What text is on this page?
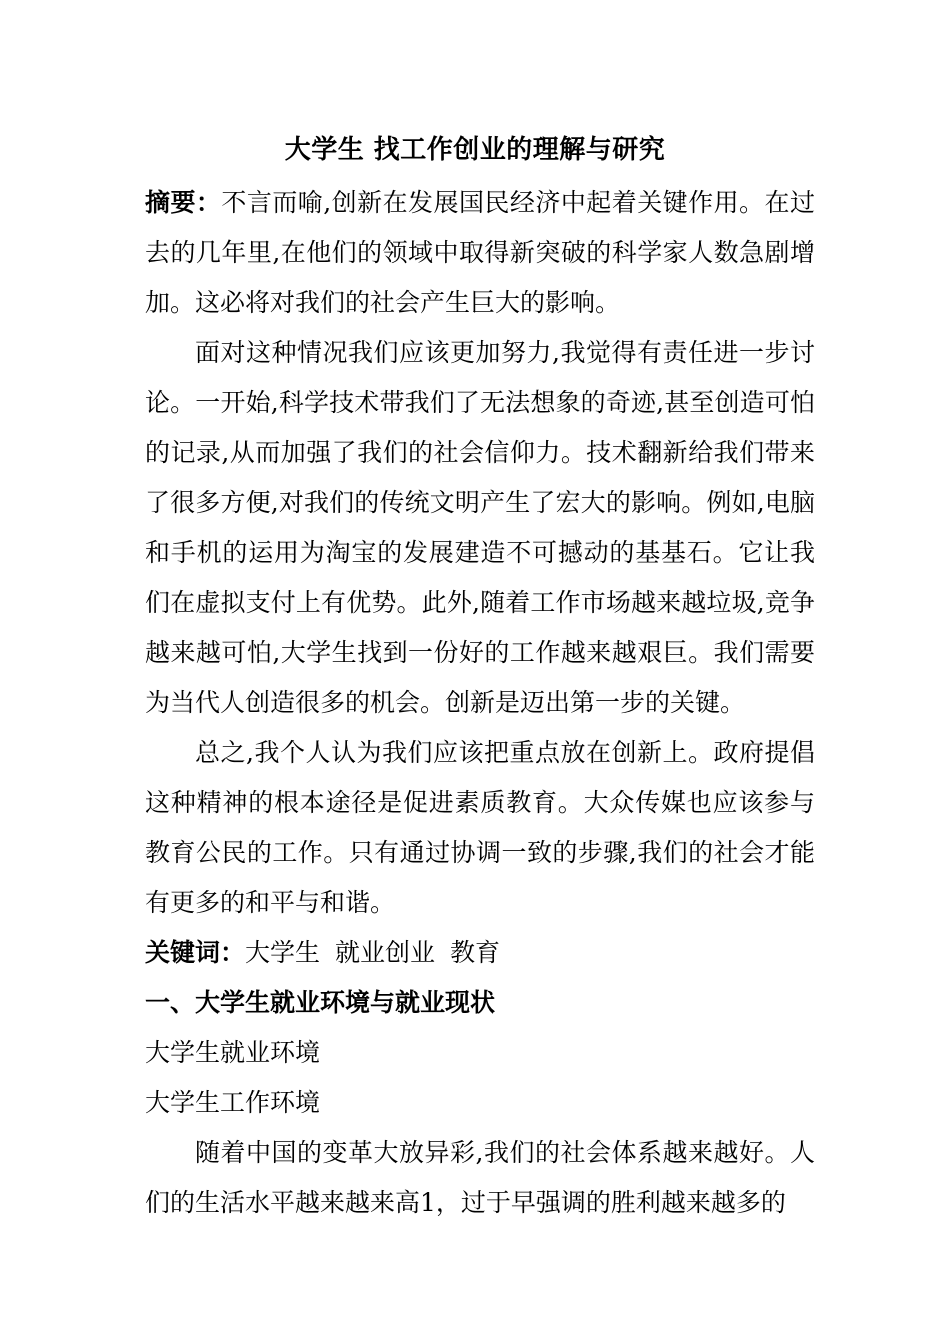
大学生 找工作创业的理解与研究

摘要：不言而喻,创新在发展国民经济中起着关键作用。在过去的几年里,在他们的领域中取得新突破的科学家人数急剧增加。这必将对我们的社会产生巨大的影响。

面对这种情况我们应该更加努力,我觉得有责任进一步讨论。一开始,科学技术带我们了无法想象的奇迹,甚至创造可怕的记录,从而加强了我们的社会信仰力。技术翻新给我们带来了很多方便,对我们的传统文明产生了宏大的影响。例如,电脑和手机的运用为淘宝的发展建造不可撼动的基基石。它让我们在虚拟支付上有优势。此外,随着工作市场越来越垃圾,竞争越来越可怕,大学生找到一份好的工作越来越艰巨。我们需要为当代人创造很多的机会。创新是迈出第一步的关键。

总之,我个人认为我们应该把重点放在创新上。政府提倡这种精神的根本途径是促进素质教育。大众传媒也应该参与教育公民的工作。只有通过协调一致的步骤,我们的社会才能有更多的和平与和谐。

关键词：大学生 就业创业 教育

一、大学生就业环境与就业现状

大学生就业环境

大学生工作环境

随着中国的变革大放异彩,我们的社会体系越来越好。人们的生活水平越来越来高1，过于早强调的胜利越来越多的
